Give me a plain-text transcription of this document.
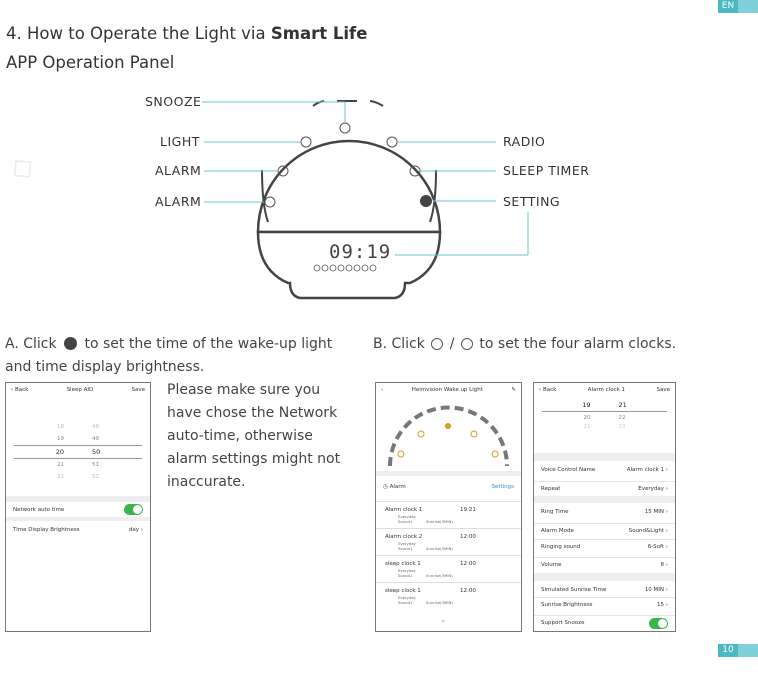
◇
EN
10
4. How to Operate the Light via Smart Life
APP Operation Panel
09:19
SNOOZE
LIGHT
ALARM
ALARM
RADIO
SLEEP TIMER
SETTING
A. Click to set the time of the wake-up light
and time display brightness.
B. Click / to set the four alarm clocks.
Please make sure you
have chose the Network
auto-time, otherwise
alarm settings might not
inaccurate.
‹ Back	Sleep AID	Save
18	48
19	49
20	50
21	51
22	52
Network auto time
Time Display Brightness	day ›
‹	Heimvision Wake up Light	✎
◷ Alarm	Settings
Alarm clock 1	19:21
Everyday
Sound1	Sunrise(3MIN)
Alarm clock 2	12:00
Everyday
Sound1	Sunrise(3MIN)
sleep clock 1	12:00
Everyday
Sound1	Sunrise(3MIN)
sleep clock 1	12:00
Everyday
Sound1	Sunrise(3MIN)
⌄
‹ Back	Alarm clock 1	Save
19	21
20	22
21	23
Voice Control Name	Alarm clock 1 ›
Repeat	Everyday ›
Ring Time	15 MIN ›
Alarm Mode	Sound&Light ›
Ringing sound	6-Soft ›
Volume	8 ›
Simulated Sunrise Time	10 MIN ›
Sunrise Brightness	15 ›
Support Snooze
